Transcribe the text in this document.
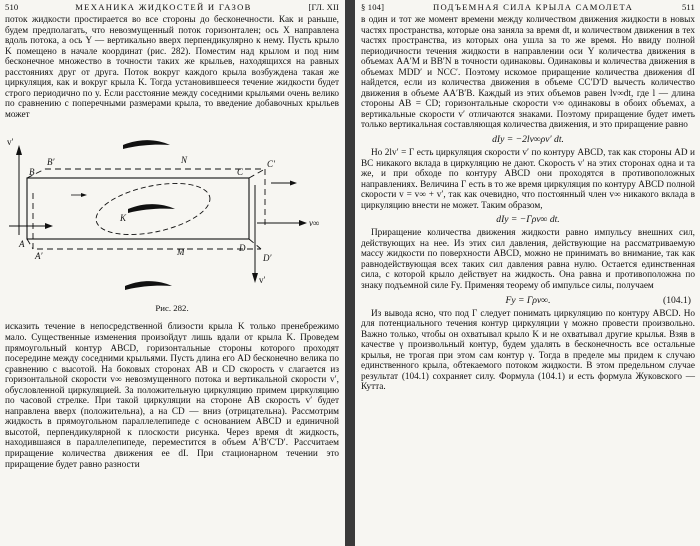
510	МЕХАНИКА ЖИДКОСТЕЙ И ГАЗОВ	[ГЛ. XII

поток жидкости простирается во все стороны до бесконечности. Как и раньше, будем предполагать, что невозмущенный поток горизонтален; ось X направлена вдоль потока, а ось Y — вертикально вверх перпендикулярно к нему. Пусть крыло K помещено в начале координат (рис. 282). Поместим над крылом и под ним бесконечное множество в точности таких же крыльев, находящихся на равных расстояниях друг от друга. Поток вокруг каждого крыла возбуждена такая же циркуляция, как и вокруг крыла K. Тогда установившееся течение жидкости будет строго периодично по y. Если расстояние между соседними крыльями очень велико по сравнению с поперечными размерами крыла, то введение добавочных крыльев может

v′
B
B′	N
C
C′
K
A
A′	M	D
D′
v′
v∞
Рис. 282.

исказить течение в непосредственной близости крыла K только пренебрежимо мало. Существенные изменения произойдут лишь вдали от крыла K. Проведем прямоугольный контур ABCD, горизонтальные стороны которого проходят посередине между соседними крыльями. Пусть длина его AD бесконечно велика по сравнению с высотой. На боковых сторонах AB и CD скорость v слагается из горизонтальной скорости v∞ невозмущенного потока и вертикальной скорости v′, обусловленной циркуляцией. За положительную циркуляцию примем циркуляцию по часовой стрелке. При такой циркуляции на стороне AB скорость v′ будет направлена вверх (положительна), а на CD — вниз (отрицательна). Рассмотрим жидкость в прямоугольном параллелепипеде с основанием ABCD и единичной высотой, перпендикулярной к плоскости рисунка. Через время dt жидкость, находившаяся в параллелепипеде, переместится в объем A′B′C′D′. Рассчитаем приращение количества движения ее dI. При стационарном течении это приращение будет равно разности

§ 104]	ПОДЪЕМНАЯ СИЛА КРЫЛА САМОЛЕТА	511

в один и тот же момент времени между количеством движения жидкости в новых частях пространства, которые она заняла за время dt, и количеством движения в тех частях пространства, из которых она ушла за то же время. Но ввиду полной периодичности течения жидкости в направлении оси Y количества движения в объемах AA′M и BB′N в точности одинаковы. Одинаковы и количества движения в объемах MDD′ и NCC′. Поэтому искомое приращение количества движения dI найдется, если из количества движения в объеме CC′D′D вычесть количество движения в объеме AA′B′B. Каждый из этих объемов равен lv∞dt, где l — длина стороны AB = CD; горизонтальные скорости v∞ одинаковы в обоих объемах, а вертикальные скорости v′ отличаются знаками. Поэтому приращение будет иметь только вертикальная составляющая количества движения, и это приращение равно

dIy = −2lv∞ρv′ dt.

Но 2lv′ = Γ есть циркуляция скорости v′ по контуру ABCD, так как стороны AD и BC никакого вклада в циркуляцию не дают. Скорость v′ на этих сторонах одна и та же, и при обходе по контуру ABCD они проходятся в противоположных направлениях. Величина Γ есть в то же время циркуляция по контуру ABCD полной скорости v = v∞ + v′, так как очевидно, что постоянный член v∞ никакого вклада в циркуляцию внести не может. Таким образом,

dIy = −Γρv∞ dt.

Приращение количества движения жидкости равно импульсу внешних сил, действующих на нее. Из этих сил давления, действующие на рассматриваемую массу жидкости по поверхности ABCD, можно не принимать во внимание, так как равнодействующая всех таких сил давления равна нулю. Остается единственная сила, с которой крыло действует на жидкость. Она равна и противоположна по знаку подъемной силе Fy. Применяя теорему об импульсе силы, получаем

Fy = Γρv∞.	(104.1)

Из вывода ясно, что под Γ следует понимать циркуляцию по контуру ABCD. Но для потенциального течения контур циркуляции γ можно провести произвольно. Важно только, чтобы он охватывал крыло K и не охватывал другие крылья. Взяв в качестве γ произвольный контур, будем удалять в бесконечность все остальные крылья, не трогая при этом сам контур γ. Тогда в пределе мы придем к случаю единственного крыла, обтекаемого потоком жидкости. В этом предельном случае результат (104.1) сохраняет силу. Формула (104.1) и есть формула Жуковского — Кутта.
